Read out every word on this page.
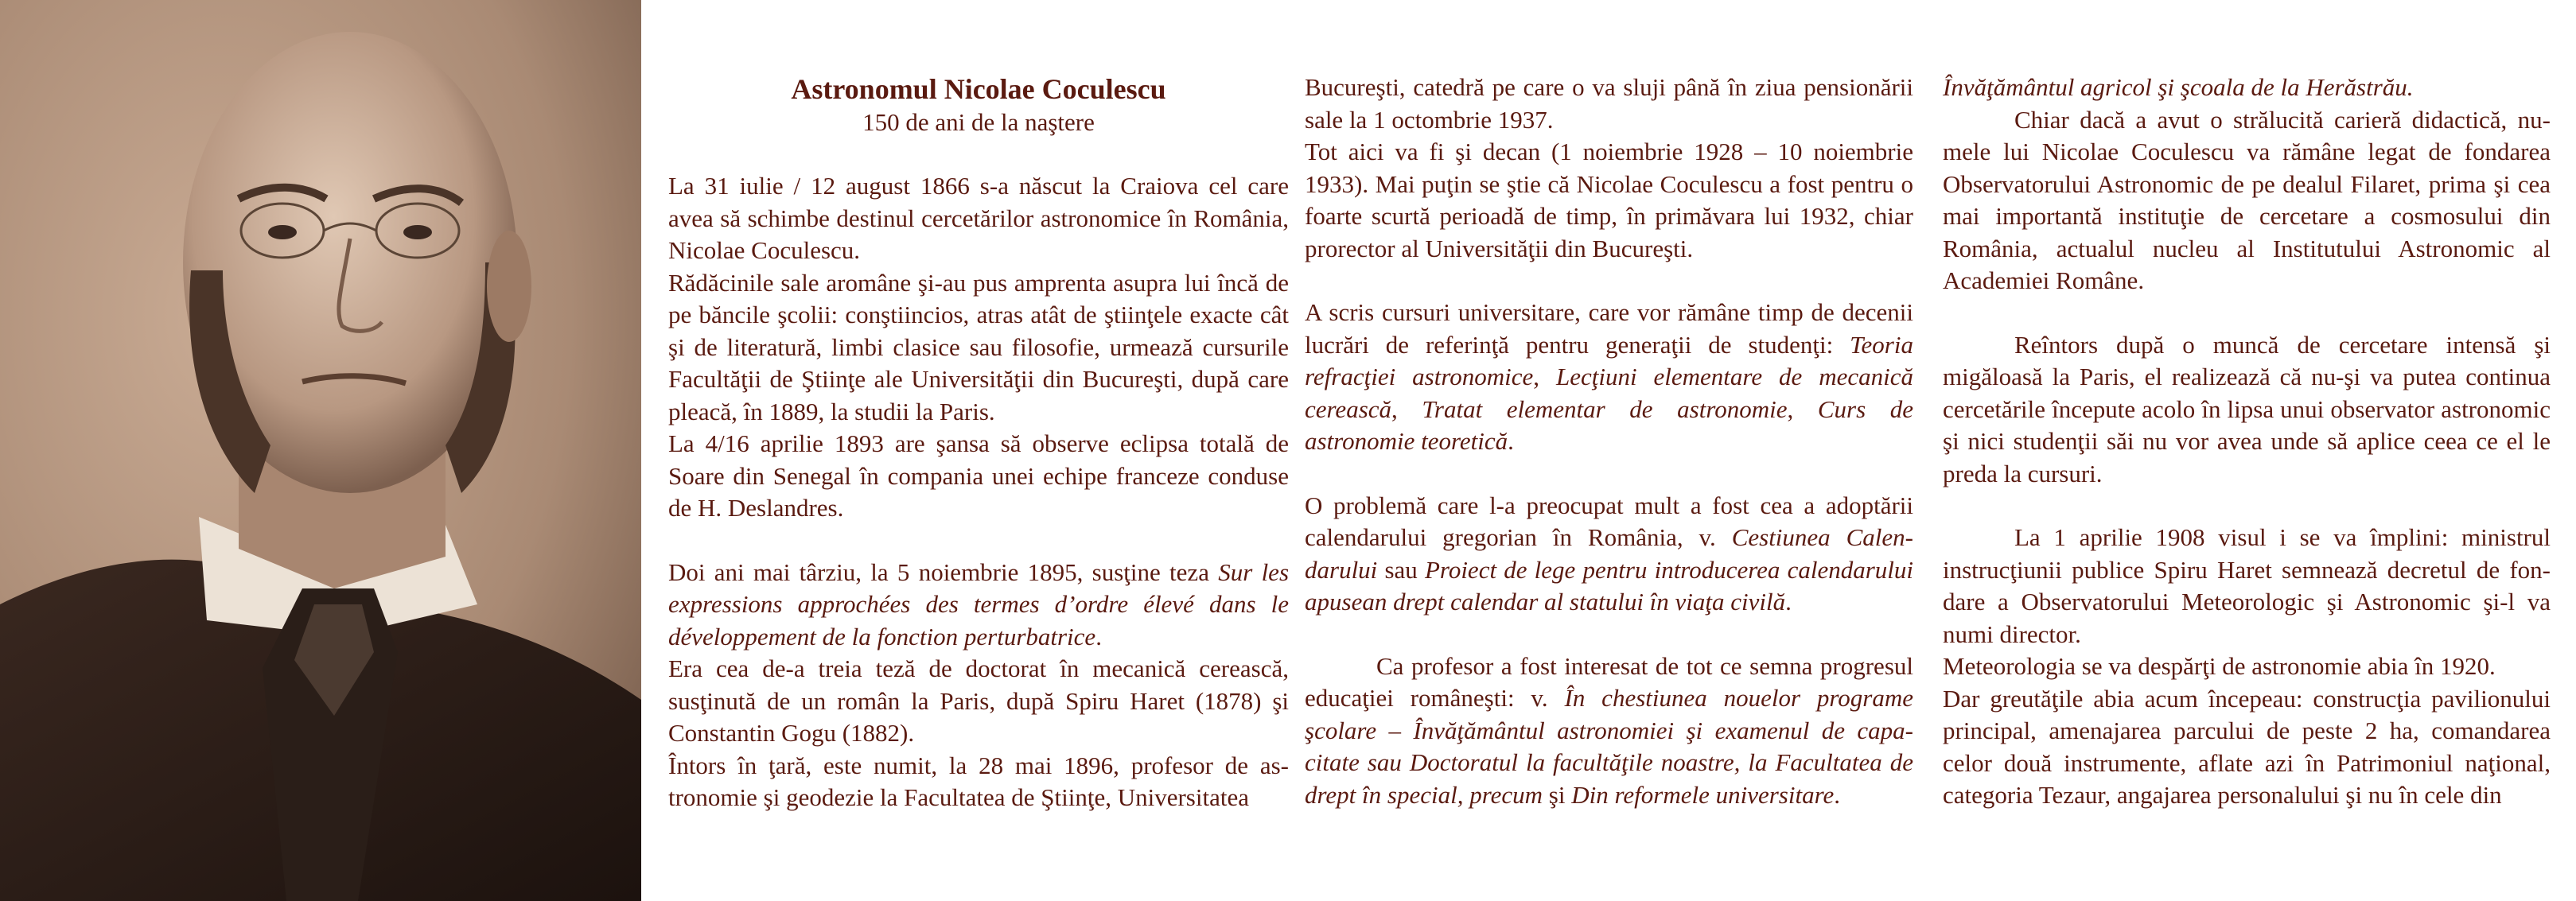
Astronomul Nicolae Coculescu

150 de ani de la naştere

La 31 iulie / 12 august 1866 s-a născut la Craiova cel care avea să schimbe destinul cercetărilor astronomice în România, Nicolae Coculescu.

Rădăcinile sale aromâne şi-au pus amprenta asupra lui încă de pe băncile şcolii: conştiincios, atras atât de ştiinţele exacte cât şi de literatură, limbi clasice sau filosofie, urmează cursurile Facultăţii de Ştiinţe ale Universităţii din Bucureşti, după care pleacă, în 1889, la studii la Paris.

La 4/16 aprilie 1893 are şansa să observe eclipsa totală de Soare din Senegal în compania unei echipe franceze conduse de H. Deslandres.

Doi ani mai târziu, la 5 noiembrie 1895, susţine teza Sur les expressions approchées des termes d’ordre élevé dans le développement de la fonction perturbatrice.

Era cea de-a treia teză de doctorat în mecanică cerească, susţinută de un român la Paris, după Spiru Haret (1878) şi Constantin Gogu (1882).

Întors în ţară, este numit, la 28 mai 1896, profesor de astronomie şi geodezie la Facultatea de Ştiinţe, Universitatea

Bucureşti, catedră pe care o va sluji până în ziua pensionării sale la 1 octombrie 1937.

Tot aici va fi şi decan (1 noiembrie 1928 – 10 noiembrie 1933). Mai puţin se ştie că Nicolae Coculescu a fost pentru o foarte scurtă perioadă de timp, în primăvara lui 1932, chiar prorector al Universităţii din Bucureşti.

A scris cursuri universitare, care vor rămâne timp de decenii lucrări de referinţă pentru generaţii de studenţi: Teoria refracţiei astronomice, Lecţiuni elementare de mecanică cerească, Tratat elementar de astronomie, Curs de astronomie teoretică.

O problemă care l-a preocupat mult a fost cea a adoptării calendarului gregorian în România, v. Cestiunea Calendarului sau Proiect de lege pentru introducerea calendarului apusean drept calendar al statului în viaţa civilă.

Ca profesor a fost interesat de tot ce semna progresul educaţiei româneşti: v. În chestiunea nouelor programe şcolare – Învăţământul astronomiei şi examenul de capacitate sau Doctoratul la facultăţile noastre, la Facultatea de drept în special, precum şi Din reformele universitare.

Învăţământul agricol şi şcoala de la Herăstrău.

Chiar dacă a avut o strălucită carieră didactică, numele lui Nicolae Coculescu va rămâne legat de fondarea Observatorului Astronomic de pe dealul Filaret, prima şi cea mai importantă instituţie de cercetare a cosmosului din România, actualul nucleu al Institutului Astronomic al Academiei Române.

Reîntors după o muncă de cercetare intensă şi migăloasă la Paris, el realizează că nu-şi va putea continua cercetările începute acolo în lipsa unui observator astronomic şi nici studenţii săi nu vor avea unde să aplice ceea ce el le preda la cursuri.

La 1 aprilie 1908 visul i se va împlini: ministrul instrucţiunii publice Spiru Haret semnează decretul de fondare a Observatorului Meteorologic şi Astronomic şi-l va numi director.

Meteorologia se va despărţi de astronomie abia în 1920.

Dar greutăţile abia acum începeau: construcţia pavilionului principal, amenajarea parcului de peste 2 ha, comandarea celor două instrumente, aflate azi în Patrimoniul naţional, categoria Tezaur, angajarea personalului şi nu în cele din
